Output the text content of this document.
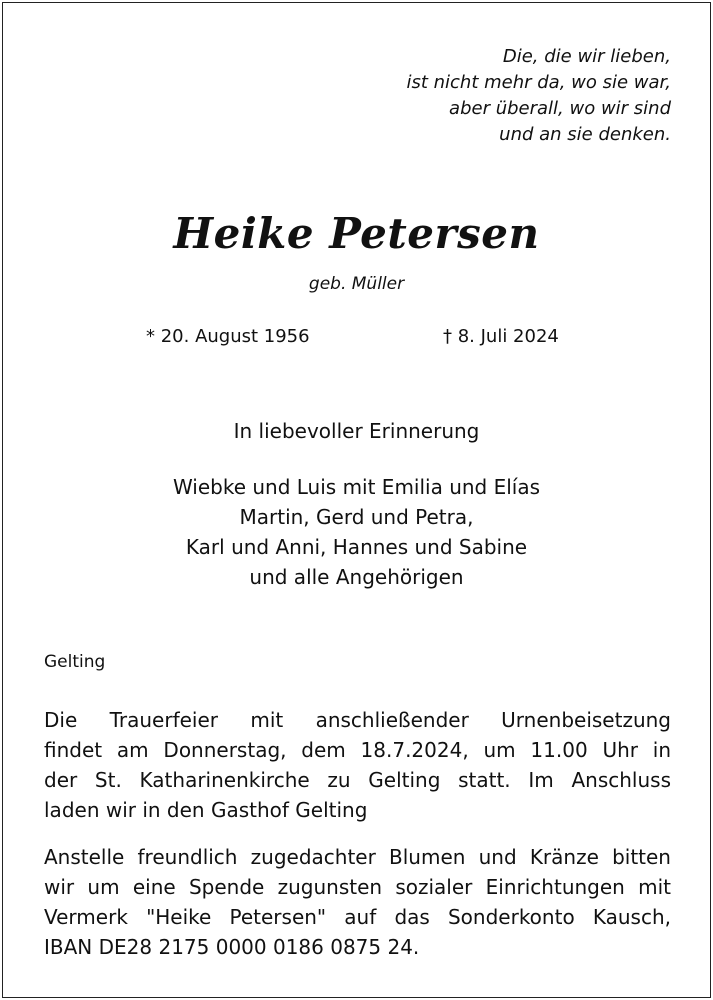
Die, die wir lieben,
ist nicht mehr da, wo sie war,
aber überall, wo wir sind
und an sie denken.
Heike Petersen
geb. Müller
* 20. August 1956	† 8. Juli 2024
In liebevoller Erinnerung
Wiebke und Luis mit Emilia und Elías
Martin, Gerd und Petra,
Karl und Anni, Hannes und Sabine
und alle Angehörigen
Gelting
Die Trauerfeier mit anschließender Urnenbeisetzung
findet am Donnerstag, dem 18.7.2024, um 11.00 Uhr in
der St. Katharinenkirche zu Gelting statt. Im Anschluss
laden wir in den Gasthof Gelting
Anstelle freundlich zugedachter Blumen und Kränze bitten
wir um eine Spende zugunsten sozialer Einrichtungen mit
Vermerk "Heike Petersen" auf das Sonderkonto Kausch,
IBAN DE28 2175 0000 0186 0875 24.
